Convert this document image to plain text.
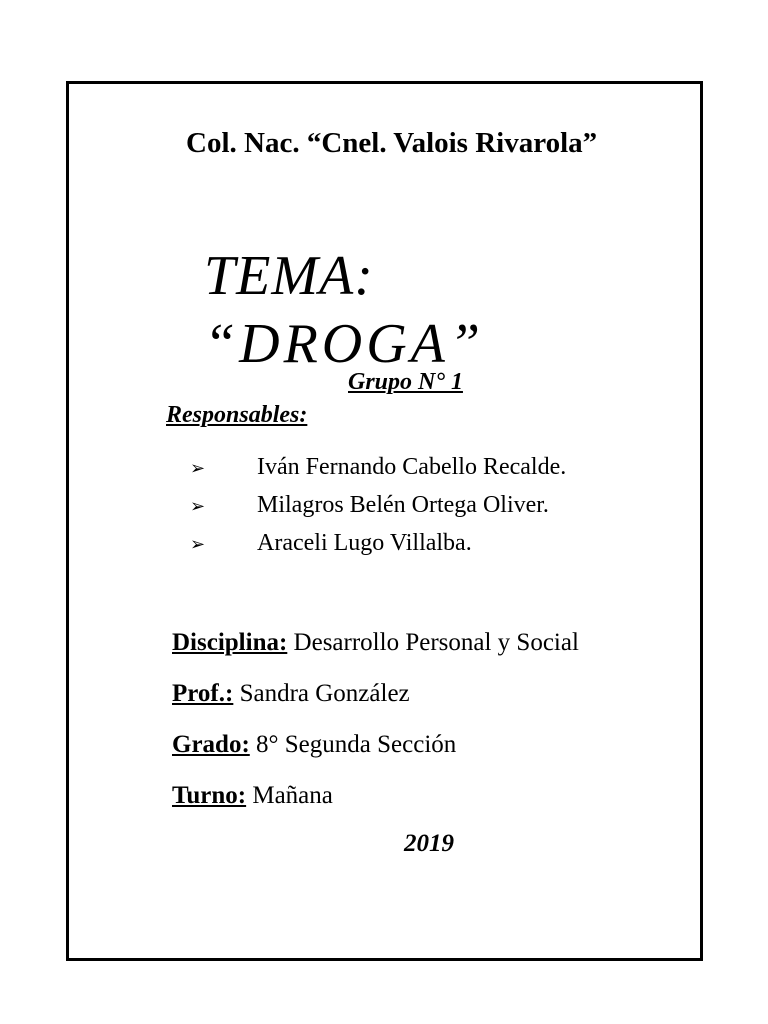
Col. Nac. “Cnel. Valois Rivarola”
TEMA:
“DROGA”
Grupo N° 1
Responsables:
➢ Iván Fernando Cabello Recalde.
➢ Milagros Belén Ortega Oliver.
➢ Araceli Lugo Villalba.
Disciplina: Desarrollo Personal y Social
Prof.: Sandra González
Grado: 8° Segunda Sección
Turno: Mañana
2019
